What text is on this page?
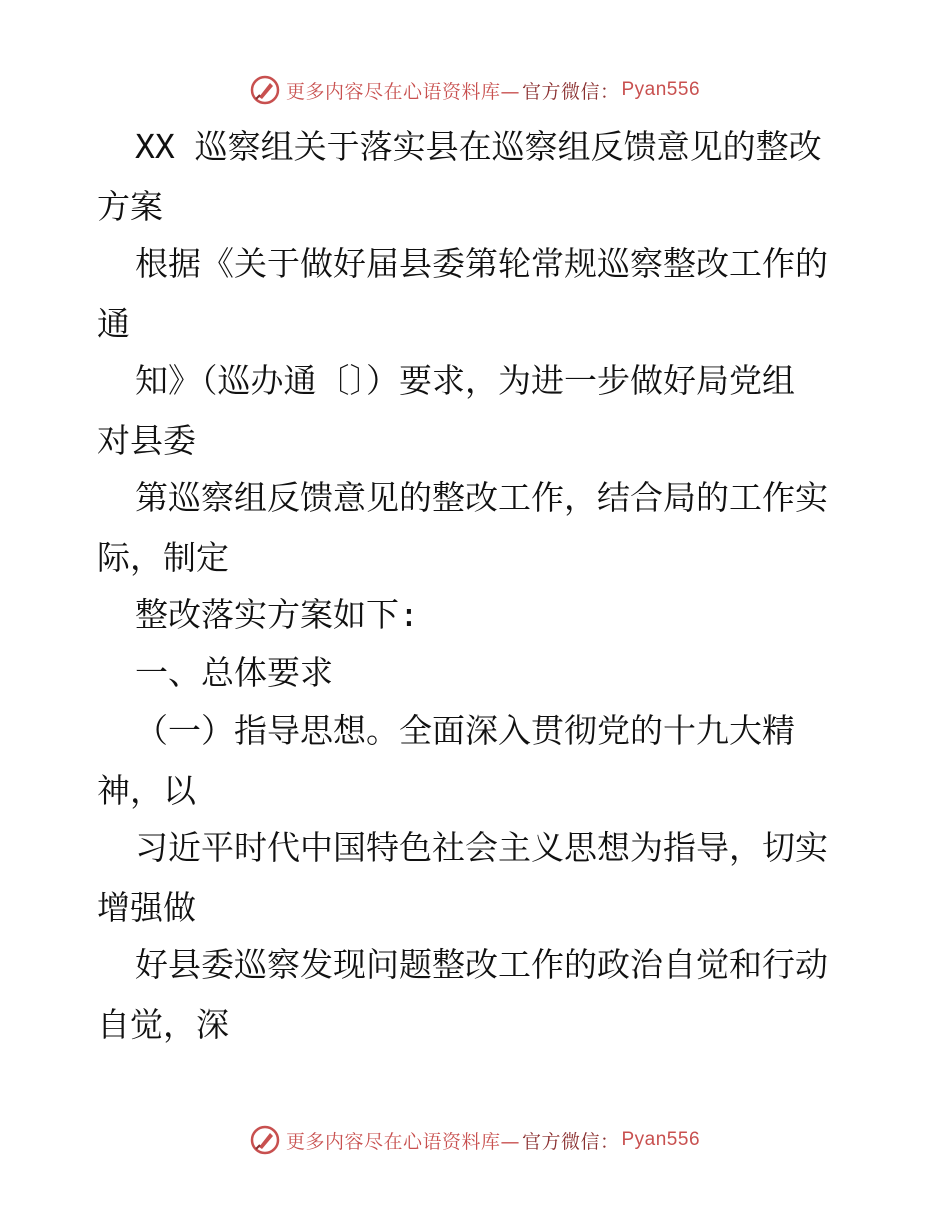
更多内容尽在心语资料库— 官方微信： Pyan556
XX 巡察组关于落实县在巡察组反馈意见的整改
方案
根据《关于做好届县委第轮常规巡察整改工作的
通
知》（巡办通〔〕）要求，为进一步做好局党组
对县委
第巡察组反馈意见的整改工作，结合局的工作实
际，制定
整改落实方案如下:
一、总体要求
（一）指导思想。全面深入贯彻党的十九大精
神，以
习近平时代中国特色社会主义思想为指导，切实
增强做
好县委巡察发现问题整改工作的政治自觉和行动
自觉，深
更多内容尽在心语资料库— 官方微信： Pyan556
